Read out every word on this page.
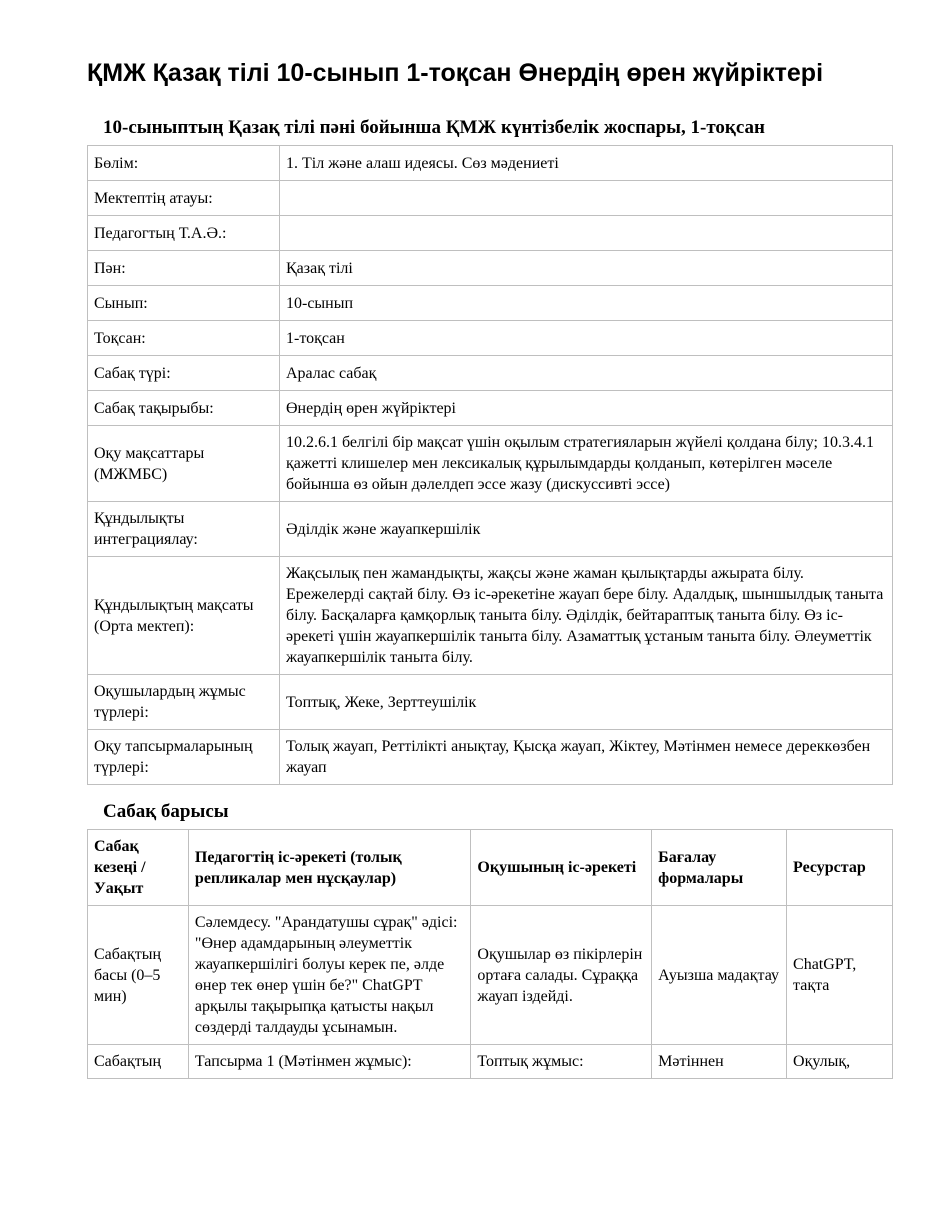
ҚМЖ Қазақ тілі 10-сынып 1-тоқсан Өнердің өрен жүйріктері
10-сыныптың Қазақ тілі пәні бойынша ҚМЖ күнтізбелік жоспары, 1-тоқсан
Бөлім:	1. Тіл және алаш идеясы. Сөз мәдениеті
Мектептің атауы:	
Педагогтың Т.А.Ә.:	
Пән:	Қазақ тілі
Сынып:	10-сынып
Тоқсан:	1-тоқсан
Сабақ түрі:	Аралас сабақ
Сабақ тақырыбы:	Өнердің өрен жүйріктері
Оқу мақсаттары (МЖМБС)	10.2.6.1 белгілі бір мақсат үшін оқылым стратегияларын жүйелі қолдана білу; 10.3.4.1 қажетті клишелер мен лексикалық құрылымдарды қолданып, көтерілген мәселе бойынша өз ойын дәлелдеп эссе жазу (дискуссивті эссе)
Құндылықты интеграциялау:	Әділдік және жауапкершілік
Құндылықтың мақсаты (Орта мектеп):	Жақсылық пен жамандықты, жақсы және жаман қылықтарды ажырата білу. Ережелерді сақтай білу. Өз іс-әрекетіне жауап бере білу. Адалдық, шыншылдық таныта білу. Басқаларға қамқорлық таныта білу. Әділдік, бейтараптық таныта білу. Өз іс-әрекеті үшін жауапкершілік таныта білу. Азаматтық ұстаным таныта білу. Әлеуметтік жауапкершілік таныта білу.
Оқушылардың жұмыс түрлері:	Топтық, Жеке, Зерттеушілік
Оқу тапсырмаларының түрлері:	Толық жауап, Реттілікті анықтау, Қысқа жауап, Жіктеу, Мәтінмен немесе дереккөзбен жауап
Сабақ барысы
Сабақ кезеңі / Уақыт	Педагогтің іс-әрекеті (толық репликалар мен нұсқаулар)	Оқушының іс-әрекеті	Бағалау формалары	Ресурстар
Сабақтың басы (0–5 мин)	Сәлемдесу. "Арандатушы сұрақ" әдісі: "Өнер адамдарының әлеуметтік жауапкершілігі болуы керек пе, әлде өнер тек өнер үшін бе?" ChatGPT арқылы тақырыпқа қатысты нақыл сөздерді талдауды ұсынамын.	Оқушылар өз пікірлерін ортаға салады. Сұраққа жауап іздейді.	Ауызша мадақтау	ChatGPT, тақта
Сабақтың	Тапсырма 1 (Мәтінмен жұмыс):	Топтық жұмыс:	Мәтіннен	Оқулық,
